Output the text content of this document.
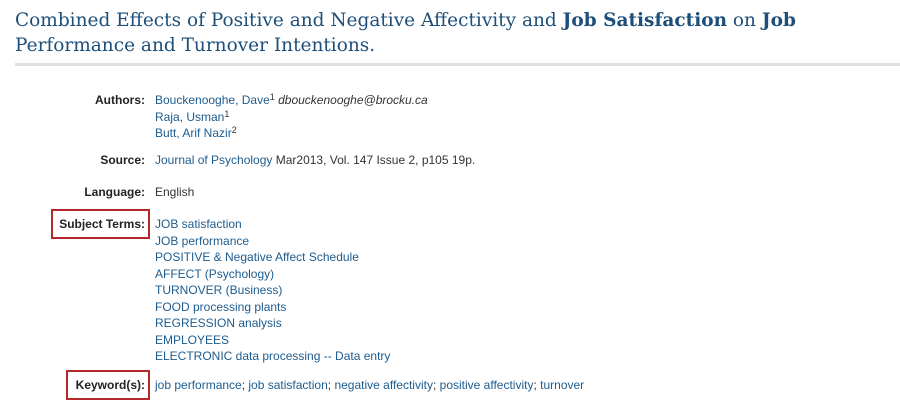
Combined Effects of Positive and Negative Affectivity and Job Satisfaction on Job Performance and Turnover Intentions.
Authors: Bouckenooghe, Dave$^1$ dbouckenooghe@brocku.ca
Raja, Usman$^1$
Butt, Arif Nazir$^2$
Source: Journal of Psychology Mar2013, Vol. 147 Issue 2, p105 19p.
Language: English
Subject Terms: JOB satisfaction
JOB performance
POSITIVE & Negative Affect Schedule
AFFECT (Psychology)
TURNOVER (Business)
FOOD processing plants
REGRESSION analysis
EMPLOYEES
ELECTRONIC data processing -- Data entry
Keyword(s): job performance; job satisfaction; negative affectivity; positive affectivity; turnover
